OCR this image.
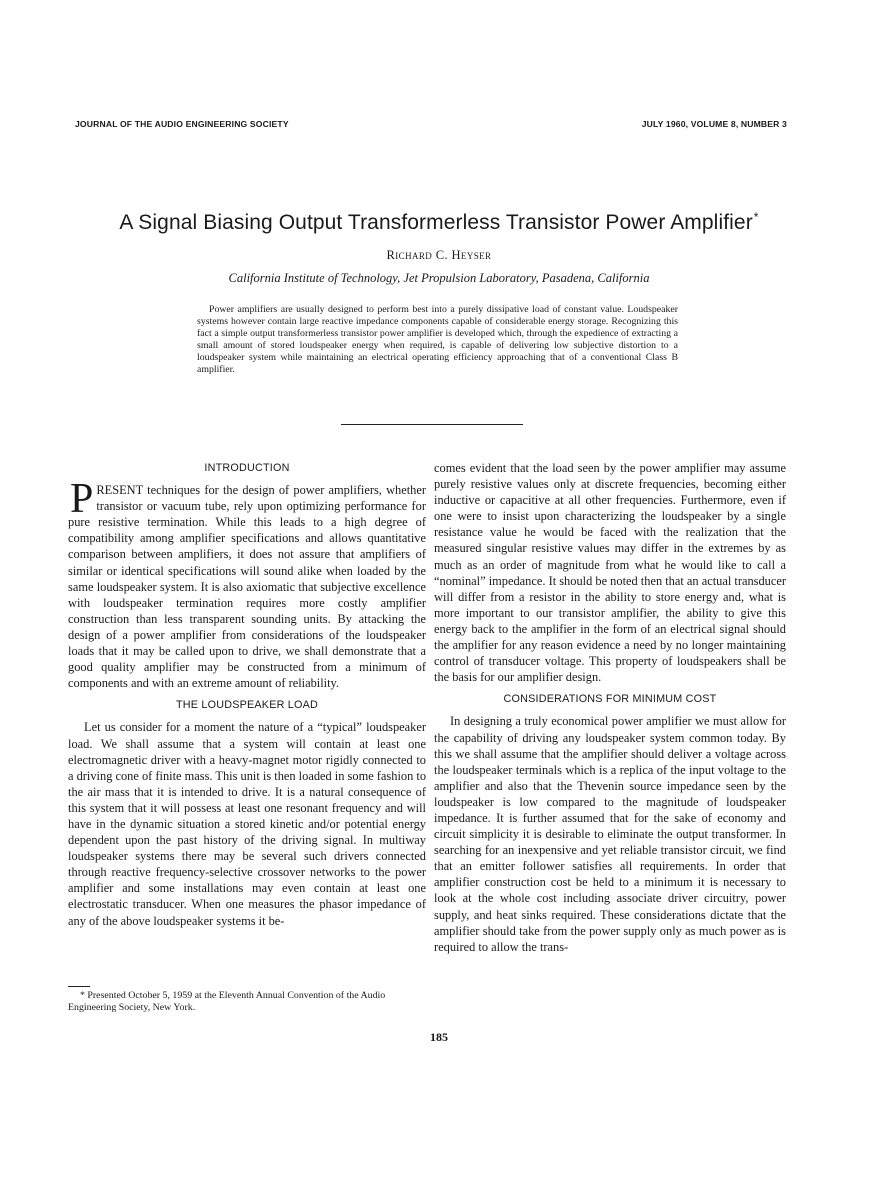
JOURNAL OF THE AUDIO ENGINEERING SOCIETY	JULY 1960, VOLUME 8, NUMBER 3
A Signal Biasing Output Transformerless Transistor Power Amplifier*
Richard C. Heyser
California Institute of Technology, Jet Propulsion Laboratory, Pasadena, California
Power amplifiers are usually designed to perform best into a purely dissipative load of constant value. Loudspeaker systems however contain large reactive impedance components capable of considerable energy storage. Recognizing this fact a simple output transformerless transistor power amplifier is developed which, through the expedience of extracting a small amount of stored loudspeaker energy when required, is capable of delivering low subjective distortion to a loudspeaker system while maintaining an electrical operating efficiency approaching that of a conventional Class B amplifier.
INTRODUCTION

PRESENT techniques for the design of power amplifiers, whether transistor or vacuum tube, rely upon optimizing performance for pure resistive termination. While this leads to a high degree of compatibility among amplifier specifications and allows quantitative comparison between amplifiers, it does not assure that amplifiers of similar or identical specifications will sound alike when loaded by the same loudspeaker system. It is also axiomatic that subjective excellence with loudspeaker termination requires more costly amplifier construction than less transparent sounding units. By attacking the design of a power amplifier from considerations of the loudspeaker loads that it may be called upon to drive, we shall demonstrate that a good quality amplifier may be constructed from a minimum of components and with an extreme amount of reliability.

THE LOUDSPEAKER LOAD

Let us consider for a moment the nature of a “typical” loudspeaker load. We shall assume that a system will contain at least one electromagnetic driver with a heavy-magnet motor rigidly connected to a driving cone of finite mass. This unit is then loaded in some fashion to the air mass that it is intended to drive. It is a natural consequence of this system that it will possess at least one resonant frequency and will have in the dynamic situation a stored kinetic and/or potential energy dependent upon the past history of the driving signal. In multiway loudspeaker systems there may be several such drivers connected through reactive frequency-selective crossover networks to the power amplifier and some installations may even contain at least one electrostatic transducer. When one measures the phasor impedance of any of the above loudspeaker systems it be-

comes evident that the load seen by the power amplifier may assume purely resistive values only at discrete frequencies, becoming either inductive or capacitive at all other frequencies. Furthermore, even if one were to insist upon characterizing the loudspeaker by a single resistance value he would be faced with the realization that the measured singular resistive values may differ in the extremes by as much as an order of magnitude from what he would like to call a “nominal” impedance. It should be noted then that an actual transducer will differ from a resistor in the ability to store energy and, what is more important to our transistor amplifier, the ability to give this energy back to the amplifier in the form of an electrical signal should the amplifier for any reason evidence a need by no longer maintaining control of transducer voltage. This property of loudspeakers shall be the basis for our amplifier design.

CONSIDERATIONS FOR MINIMUM COST

In designing a truly economical power amplifier we must allow for the capability of driving any loudspeaker system common today. By this we shall assume that the amplifier should deliver a voltage across the loudspeaker terminals which is a replica of the input voltage to the amplifier and also that the Thevenin source impedance seen by the loudspeaker is low compared to the magnitude of loudspeaker impedance. It is further assumed that for the sake of economy and circuit simplicity it is desirable to eliminate the output transformer. In searching for an inexpensive and yet reliable transistor circuit, we find that an emitter follower satisfies all requirements. In order that amplifier construction cost be held to a minimum it is necessary to look at the whole cost including associate driver circuitry, power supply, and heat sinks required. These considerations dictate that the amplifier should take from the power supply only as much power as is required to allow the trans-

* Presented October 5, 1959 at the Eleventh Annual Convention of the Audio Engineering Society, New York.
185
